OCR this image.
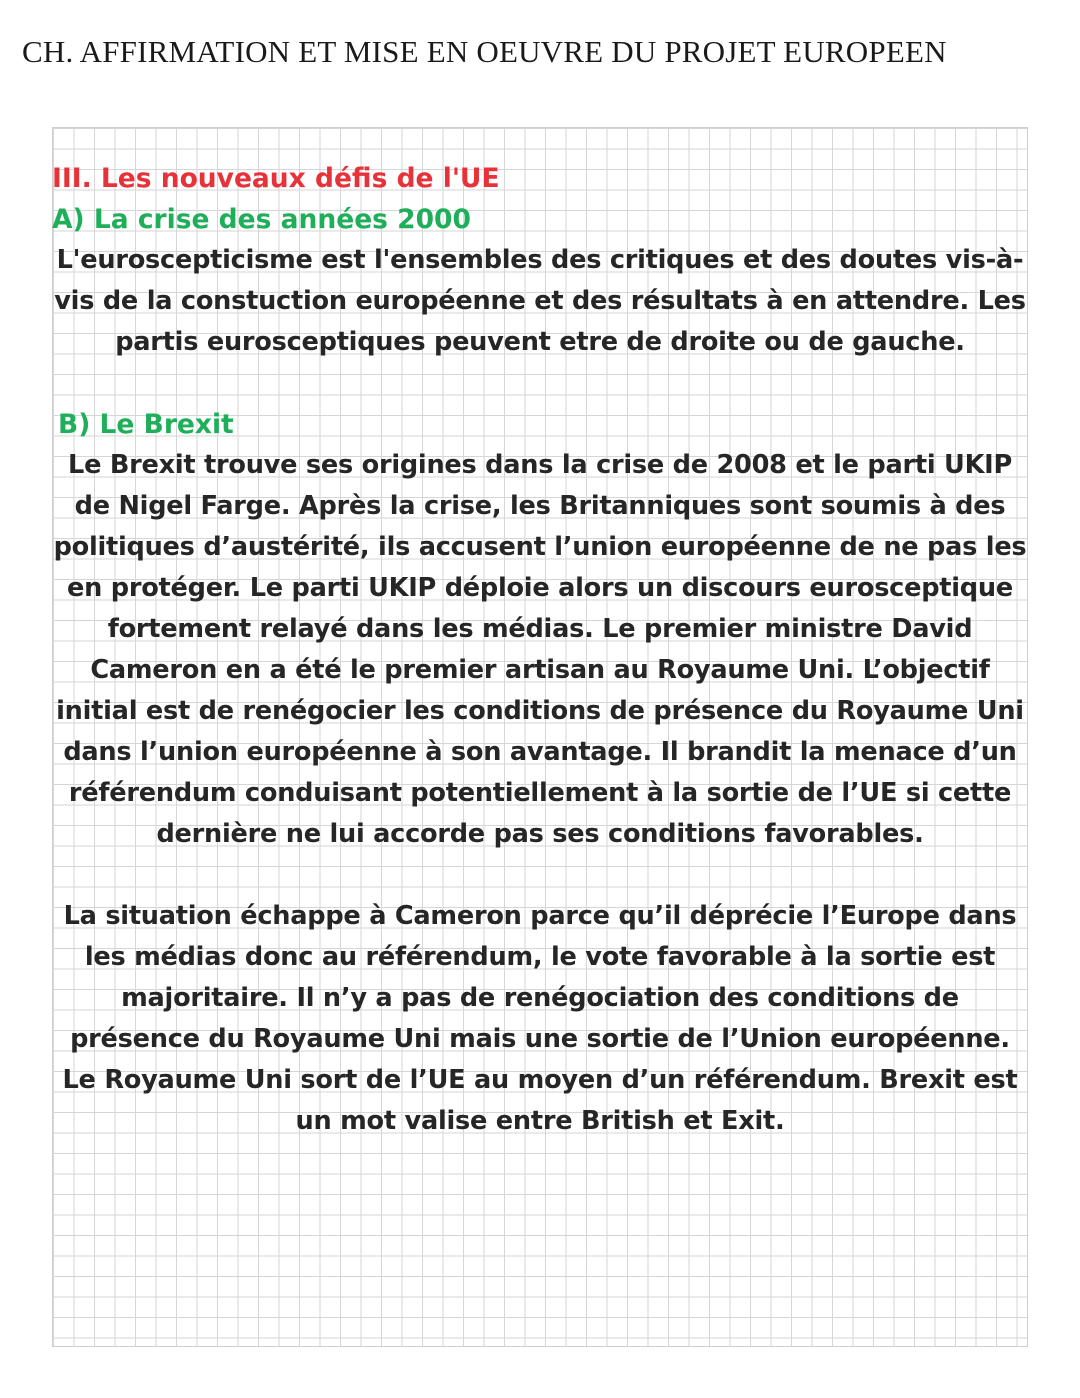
CH. AFFIRMATION ET MISE EN OEUVRE DU PROJET EUROPEEN
III. Les nouveaux défis de l'UE
A) La crise des années 2000

L'euroscepticisme est l'ensembles des critiques et des doutes vis-à-vis de la constuction européenne et des résultats à en attendre. Les partis eurosceptiques peuvent etre de droite ou de gauche.

B) Le Brexit

Le Brexit trouve ses origines dans la crise de 2008 et le parti UKIP de Nigel Farge. Après la crise, les Britanniques sont soumis à des politiques d’austérité, ils accusent l’union européenne de ne pas les en protéger. Le parti UKIP déploie alors un discours eurosceptique fortement relayé dans les médias. Le premier ministre David Cameron en a été le premier artisan au Royaume Uni. L’objectif initial est de renégocier les conditions de présence du Royaume Uni dans l’union européenne à son avantage. Il brandit la menace d’un référendum conduisant potentiellement à la sortie de l’UE si cette dernière ne lui accorde pas ses conditions favorables.

La situation échappe à Cameron parce qu’il déprécie l’Europe dans les médias donc au référendum, le vote favorable à la sortie est majoritaire. Il n’y a pas de renégociation des conditions de présence du Royaume Uni mais une sortie de l’Union européenne. Le Royaume Uni sort de l’UE au moyen d’un référendum. Brexit est un mot valise entre British et Exit.
